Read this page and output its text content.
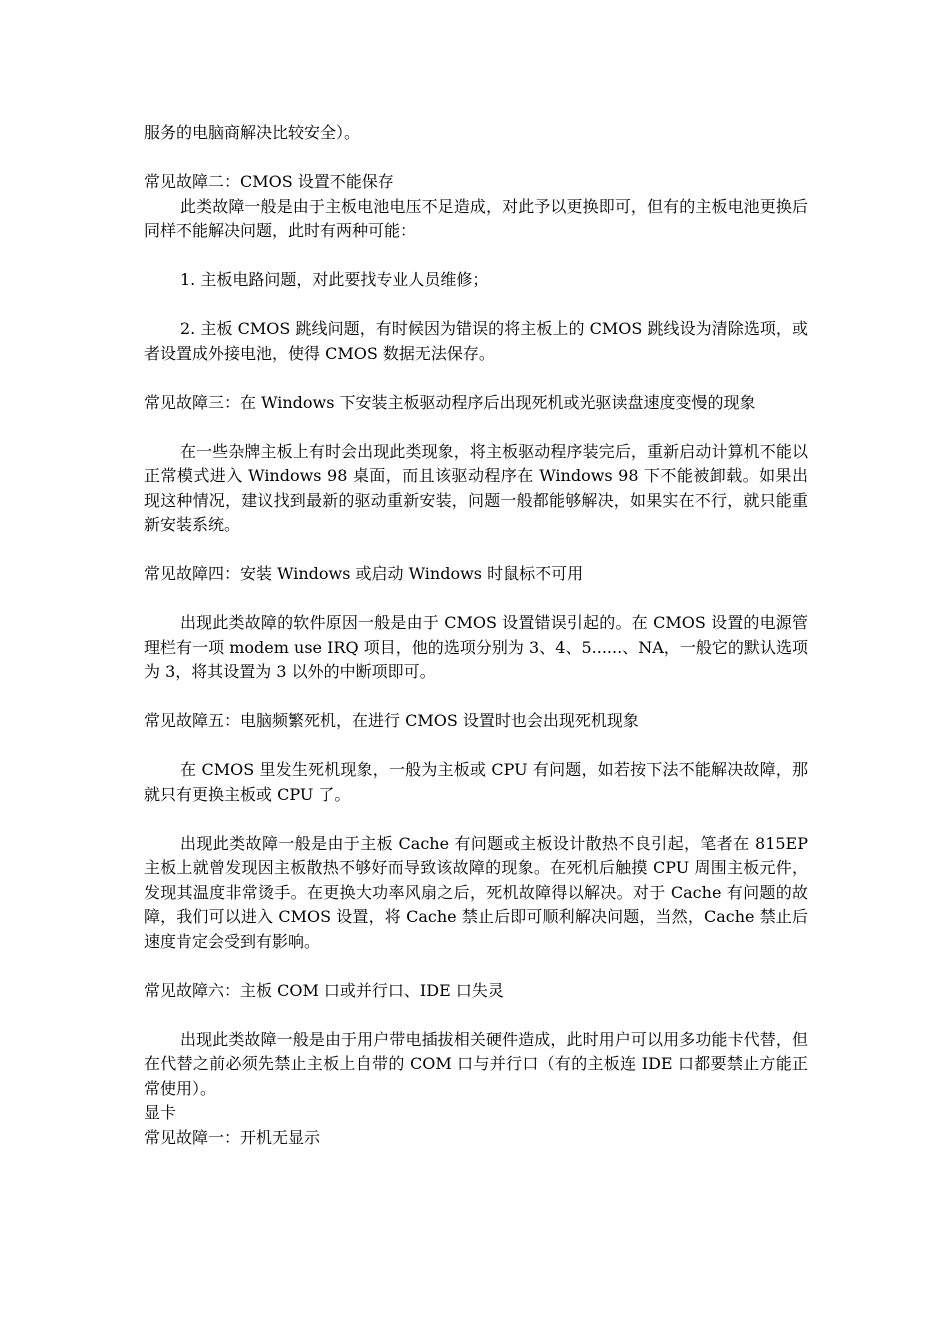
服务的电脑商解决比较安全）。

常见故障二：CMOS 设置不能保存

此类故障一般是由于主板电池电压不足造成，对此予以更换即可，但有的主板电池更换后同样不能解决问题，此时有两种可能：

1. 主板电路问题，对此要找专业人员维修；

2. 主板 CMOS 跳线问题，有时候因为错误的将主板上的 CMOS 跳线设为清除选项，或者设置成外接电池，使得 CMOS 数据无法保存。

常见故障三：在 Windows 下安装主板驱动程序后出现死机或光驱读盘速度变慢的现象

在一些杂牌主板上有时会出现此类现象，将主板驱动程序装完后，重新启动计算机不能以正常模式进入 Windows 98 桌面，而且该驱动程序在 Windows 98 下不能被卸载。如果出现这种情况，建议找到最新的驱动重新安装，问题一般都能够解决，如果实在不行，就只能重新安装系统。

常见故障四：安装 Windows 或启动 Windows 时鼠标不可用

出现此类故障的软件原因一般是由于 CMOS 设置错误引起的。在 CMOS 设置的电源管理栏有一项 modem use IRQ 项目，他的选项分别为 3、4、5......、NA，一般它的默认选项为 3，将其设置为 3 以外的中断项即可。

常见故障五：电脑频繁死机，在进行 CMOS 设置时也会出现死机现象

在 CMOS 里发生死机现象，一般为主板或 CPU 有问题，如若按下法不能解决故障，那就只有更换主板或 CPU 了。

出现此类故障一般是由于主板 Cache 有问题或主板设计散热不良引起，笔者在 815EP 主板上就曾发现因主板散热不够好而导致该故障的现象。在死机后触摸 CPU 周围主板元件，发现其温度非常烫手。在更换大功率风扇之后，死机故障得以解决。对于 Cache 有问题的故障，我们可以进入 CMOS 设置，将 Cache 禁止后即可顺利解决问题，当然，Cache 禁止后速度肯定会受到有影响。

常见故障六：主板 COM 口或并行口、IDE 口失灵

出现此类故障一般是由于用户带电插拔相关硬件造成，此时用户可以用多功能卡代替，但在代替之前必须先禁止主板上自带的 COM 口与并行口（有的主板连 IDE 口都要禁止方能正常使用）。

显卡

常见故障一：开机无显示
